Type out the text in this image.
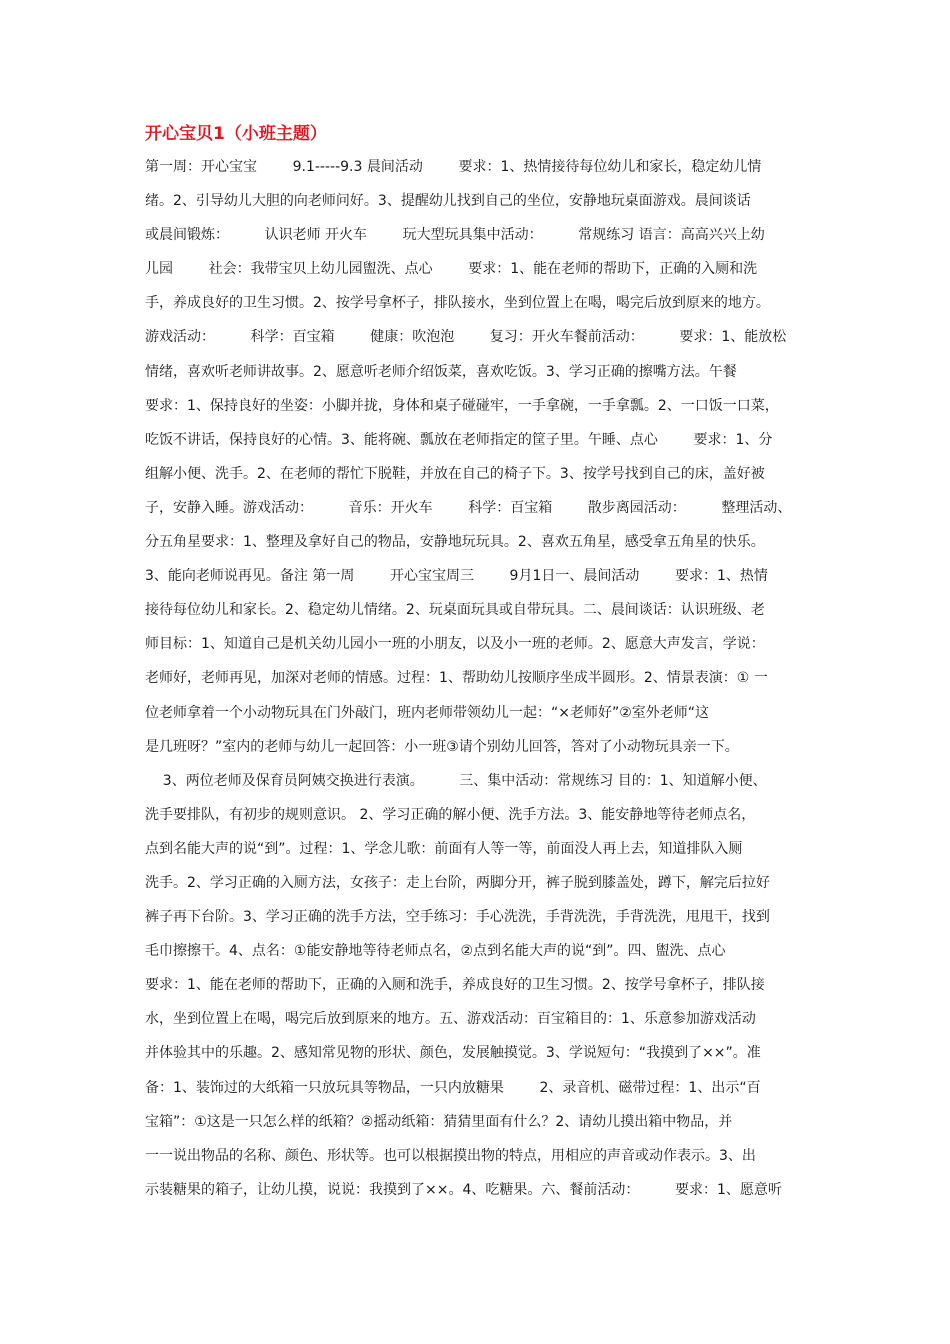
开心宝贝1（小班主题）
第一周：开心宝宝        9.1-----9.3 晨间活动        要求：1、热情接待每位幼儿和家长，稳定幼儿情
绪。2、引导幼儿大胆的向老师问好。3、提醒幼儿找到自己的坐位，安静地玩桌面游戏。晨间谈话
或晨间锻炼：        认识老师 开火车        玩大型玩具集中活动：        常规练习 语言：高高兴兴上幼
儿园        社会：我带宝贝上幼儿园盥洗、点心        要求：1、能在老师的帮助下，正确的入厕和洗
手，养成良好的卫生习惯。2、按学号拿杯子，排队接水，坐到位置上在喝，喝完后放到原来的地方。
游戏活动：        科学：百宝箱        健康：吹泡泡        复习：开火车餐前活动：        要求：1、能放松
情绪，喜欢听老师讲故事。2、愿意听老师介绍饭菜，喜欢吃饭。3、学习正确的擦嘴方法。午餐
要求：1、保持良好的坐姿：小脚并拢，身体和桌子碰碰牢，一手拿碗，一手拿瓢。2、一口饭一口菜，
吃饭不讲话，保持良好的心情。3、能将碗、瓢放在老师指定的筐子里。午睡、点心        要求：1、分
组解小便、洗手。2、在老师的帮忙下脱鞋，并放在自己的椅子下。3、按学号找到自己的床，盖好被
子，安静入睡。游戏活动：        音乐：开火车        科学：百宝箱        散步离园活动：        整理活动、
分五角星要求：1、整理及拿好自己的物品，安静地玩玩具。2、喜欢五角星，感受拿五角星的快乐。
3、能向老师说再见。备注 第一周        开心宝宝周三        9月1日一、晨间活动        要求：1、热情
接待每位幼儿和家长。2、稳定幼儿情绪。2、玩桌面玩具或自带玩具。二、晨间谈话：认识班级、老
师目标：1、知道自己是机关幼儿园小一班的小朋友，以及小一班的老师。2、愿意大声发言，学说：
老师好，老师再见，加深对老师的情感。过程：1、帮助幼儿按顺序坐成半圆形。2、情景表演：① 一
位老师拿着一个小动物玩具在门外敲门，班内老师带领幼儿一起：“×老师好”②室外老师“这
是几班呀？”室内的老师与幼儿一起回答：小一班③请个别幼儿回答，答对了小动物玩具亲一下。
3、两位老师及保育员阿姨交换进行表演。        三、集中活动：常规练习 目的：1、知道解小便、
洗手要排队，有初步的规则意识。 2、学习正确的解小便、洗手方法。3、能安静地等待老师点名，
点到名能大声的说“到”。过程：1、学念儿歌：前面有人等一等，前面没人再上去，知道排队入厕
洗手。2、学习正确的入厕方法，女孩子：走上台阶，两脚分开，裤子脱到膝盖处，蹲下，解完后拉好
裤子再下台阶。3、学习正确的洗手方法，空手练习：手心洗洗，手背洗洗，手背洗洗，甩甩干，找到
毛巾擦擦干。4、点名：①能安静地等待老师点名，②点到名能大声的说“到”。四、盥洗、点心
要求：1、能在老师的帮助下，正确的入厕和洗手，养成良好的卫生习惯。2、按学号拿杯子，排队接
水，坐到位置上在喝，喝完后放到原来的地方。五、游戏活动：百宝箱目的：1、乐意参加游戏活动
并体验其中的乐趣。2、感知常见物的形状、颜色，发展触摸觉。3、学说短句：“我摸到了××”。准
备：1、装饰过的大纸箱一只放玩具等物品，一只内放糖果        2、录音机、磁带过程：1、出示“百
宝箱”：①这是一只怎么样的纸箱？②摇动纸箱：猜猜里面有什么？2、请幼儿摸出箱中物品，并
一一说出物品的名称、颜色、形状等。也可以根据摸出物的特点，用相应的声音或动作表示。3、出
示装糖果的箱子，让幼儿摸，说说：我摸到了××。4、吃糖果。六、餐前活动：        要求：1、愿意听
